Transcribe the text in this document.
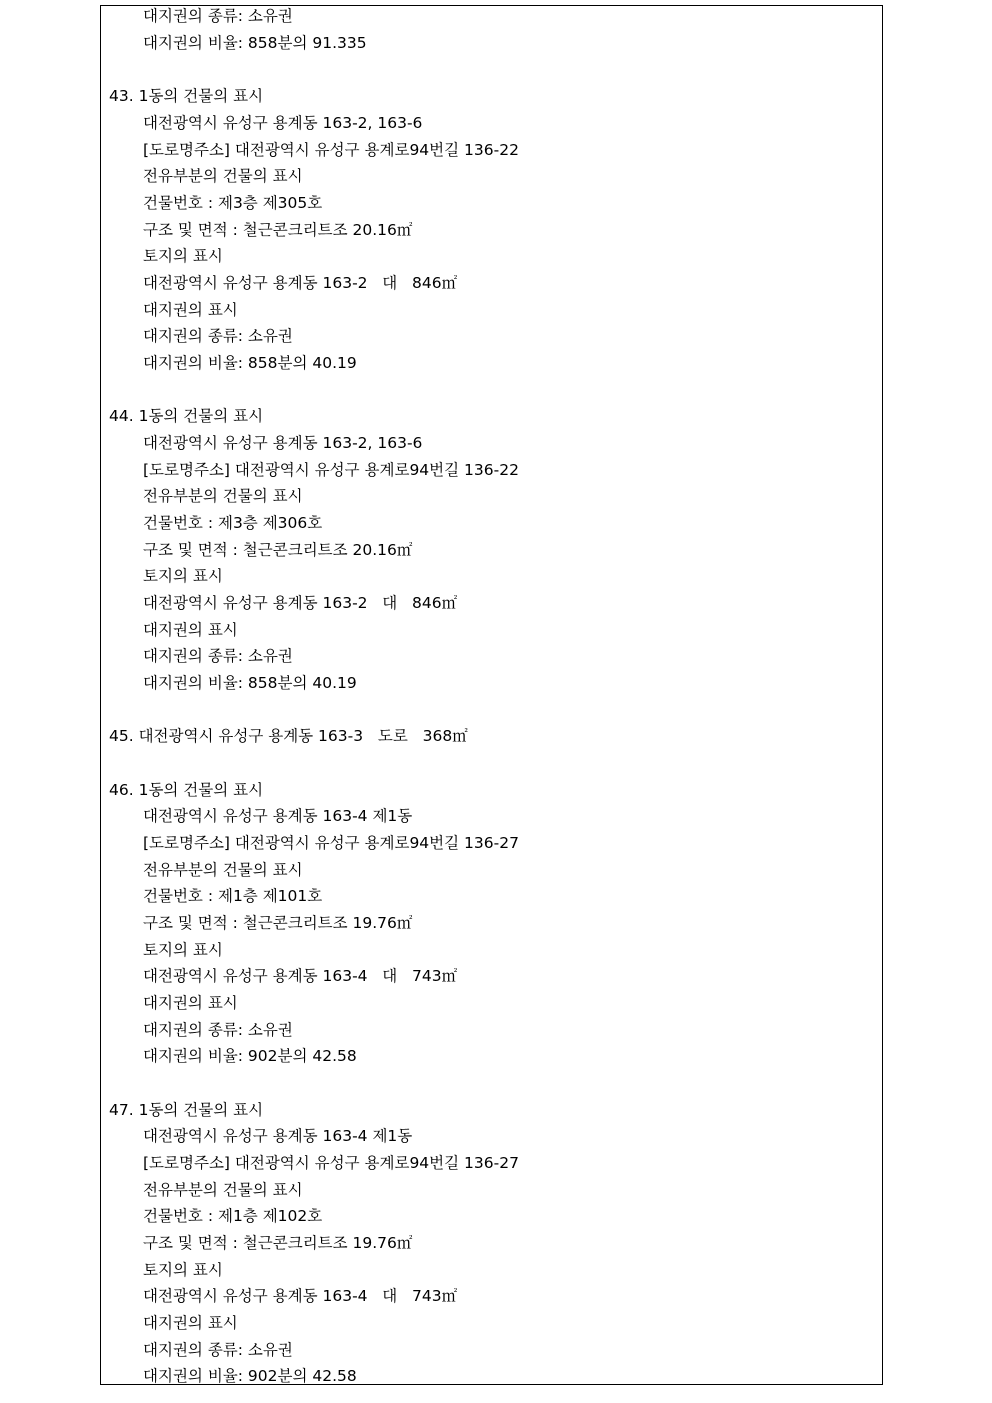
대지권의 종류: 소유권
대지권의 비율: 858분의 91.335
43. 1동의 건물의 표시
대전광역시 유성구 용계동 163-2, 163-6
[도로명주소] 대전광역시 유성구 용계로94번길 136-22
전유부분의 건물의 표시
건물번호 : 제3층 제305호
구조 및 면적 : 철근콘크리트조 20.16㎡
토지의 표시
대전광역시 유성구 용계동 163-2   대   846㎡
대지권의 표시
대지권의 종류: 소유권
대지권의 비율: 858분의 40.19
44. 1동의 건물의 표시
대전광역시 유성구 용계동 163-2, 163-6
[도로명주소] 대전광역시 유성구 용계로94번길 136-22
전유부분의 건물의 표시
건물번호 : 제3층 제306호
구조 및 면적 : 철근콘크리트조 20.16㎡
토지의 표시
대전광역시 유성구 용계동 163-2   대   846㎡
대지권의 표시
대지권의 종류: 소유권
대지권의 비율: 858분의 40.19
45. 대전광역시 유성구 용계동 163-3   도로   368㎡
46. 1동의 건물의 표시
대전광역시 유성구 용계동 163-4 제1동
[도로명주소] 대전광역시 유성구 용계로94번길 136-27
전유부분의 건물의 표시
건물번호 : 제1층 제101호
구조 및 면적 : 철근콘크리트조 19.76㎡
토지의 표시
대전광역시 유성구 용계동 163-4   대   743㎡
대지권의 표시
대지권의 종류: 소유권
대지권의 비율: 902분의 42.58
47. 1동의 건물의 표시
대전광역시 유성구 용계동 163-4 제1동
[도로명주소] 대전광역시 유성구 용계로94번길 136-27
전유부분의 건물의 표시
건물번호 : 제1층 제102호
구조 및 면적 : 철근콘크리트조 19.76㎡
토지의 표시
대전광역시 유성구 용계동 163-4   대   743㎡
대지권의 표시
대지권의 종류: 소유권
대지권의 비율: 902분의 42.58
